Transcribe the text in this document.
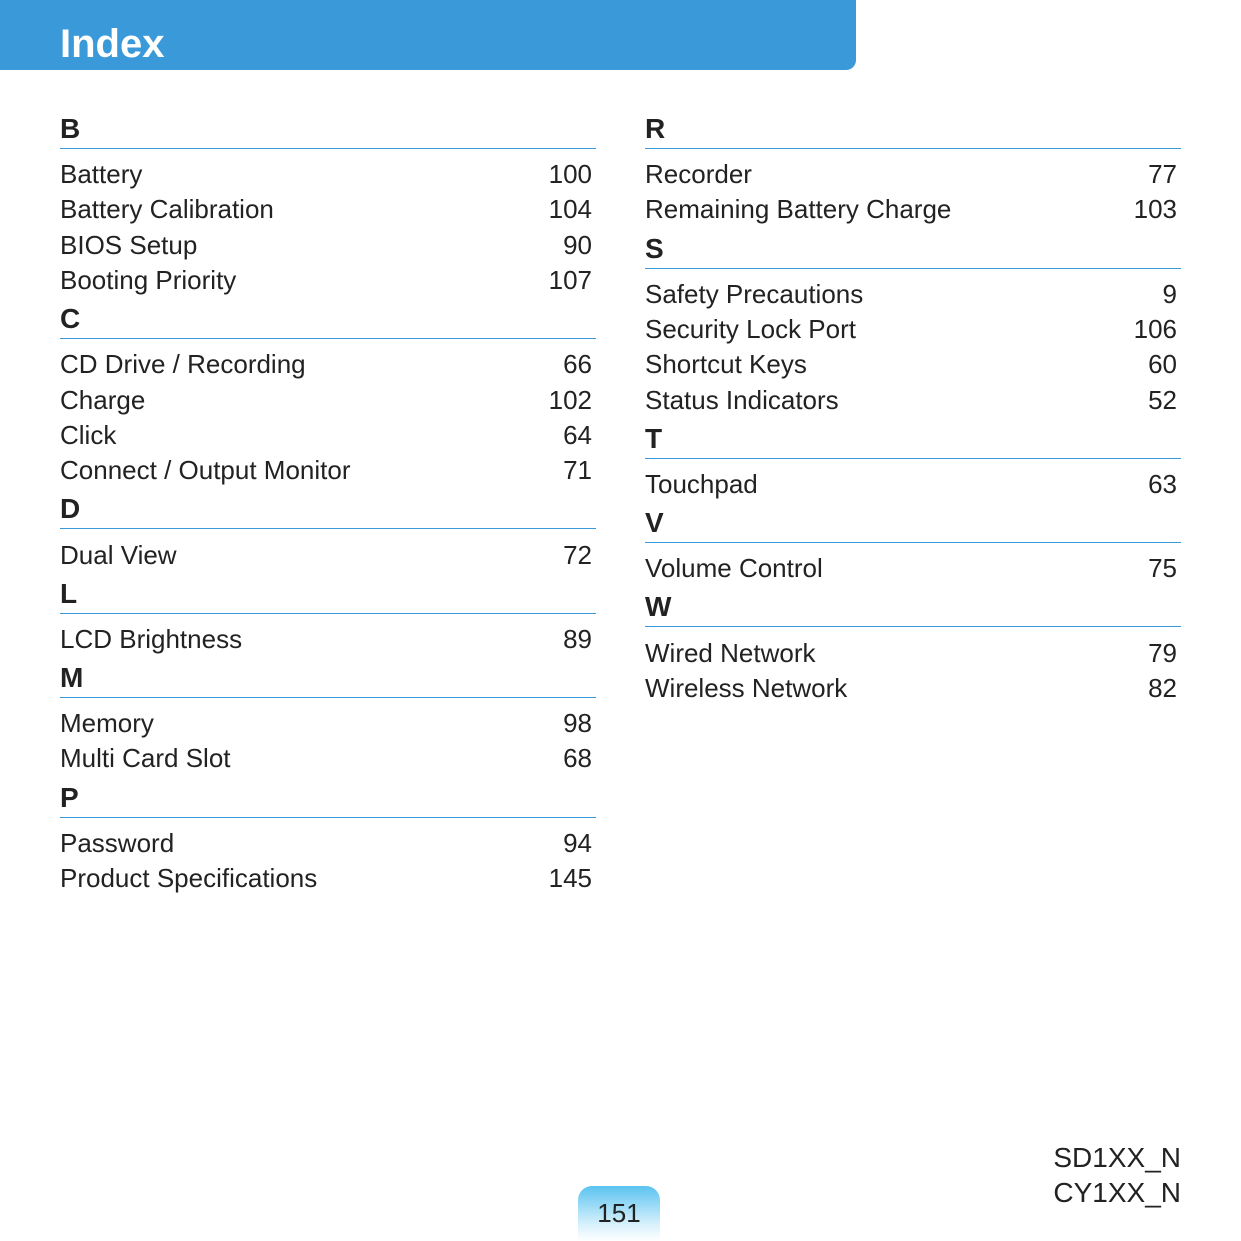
Index
B
Battery	100
Battery Calibration	104
BIOS Setup	90
Booting Priority	107
C
CD Drive / Recording	66
Charge	102
Click	64
Connect / Output Monitor	71
D
Dual View	72
L
LCD Brightness	89
M
Memory	98
Multi Card Slot	68
P
Password	94
Product Specifications	145
R
Recorder	77
Remaining Battery Charge	103
S
Safety Precautions	9
Security Lock Port	106
Shortcut Keys	60
Status Indicators	52
T
Touchpad	63
V
Volume Control	75
W
Wired Network	79
Wireless Network	82
151
SD1XX_N
CY1XX_N
